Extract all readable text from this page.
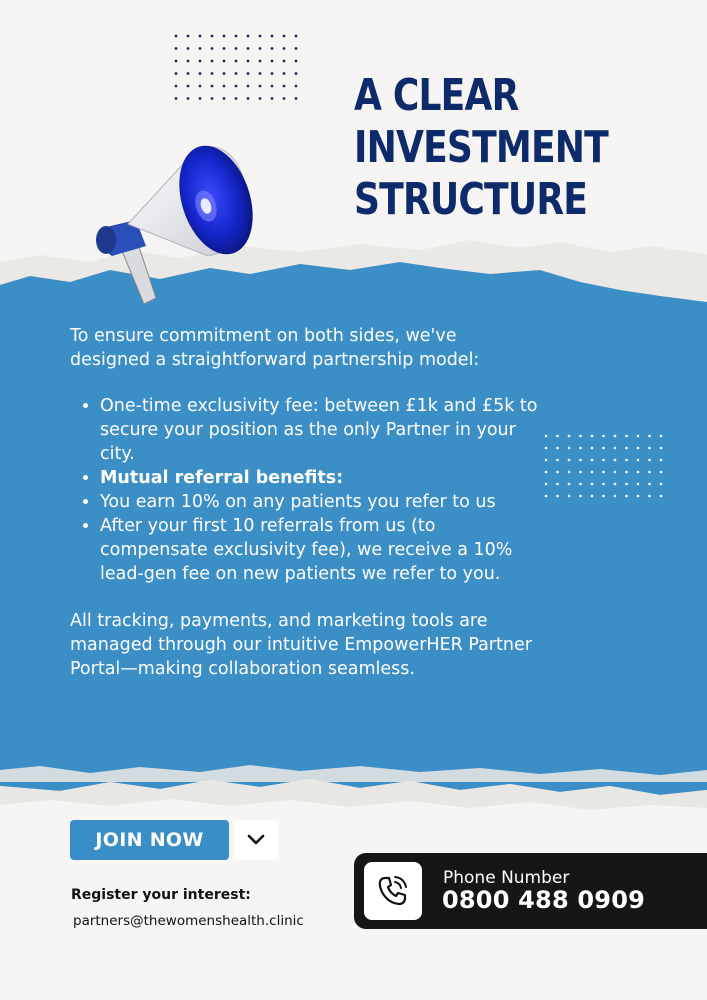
A CLEAR
INVESTMENT
STRUCTURE

To ensure commitment on both sides, we've designed a straightforward partnership model:

• One-time exclusivity fee: between £1k and £5k to secure your position as the only Partner in your city.
• Mutual referral benefits:
• You earn 10% on any patients you refer to us
• After your first 10 referrals from us (to compensate exclusivity fee), we receive a 10% lead-gen fee on new patients we refer to you.

All tracking, payments, and marketing tools are managed through our intuitive EmpowerHER Partner Portal—making collaboration seamless.

JOIN NOW
Register your interest:
partners@thewomenshealth.clinic
Phone Number
0800 488 0909
